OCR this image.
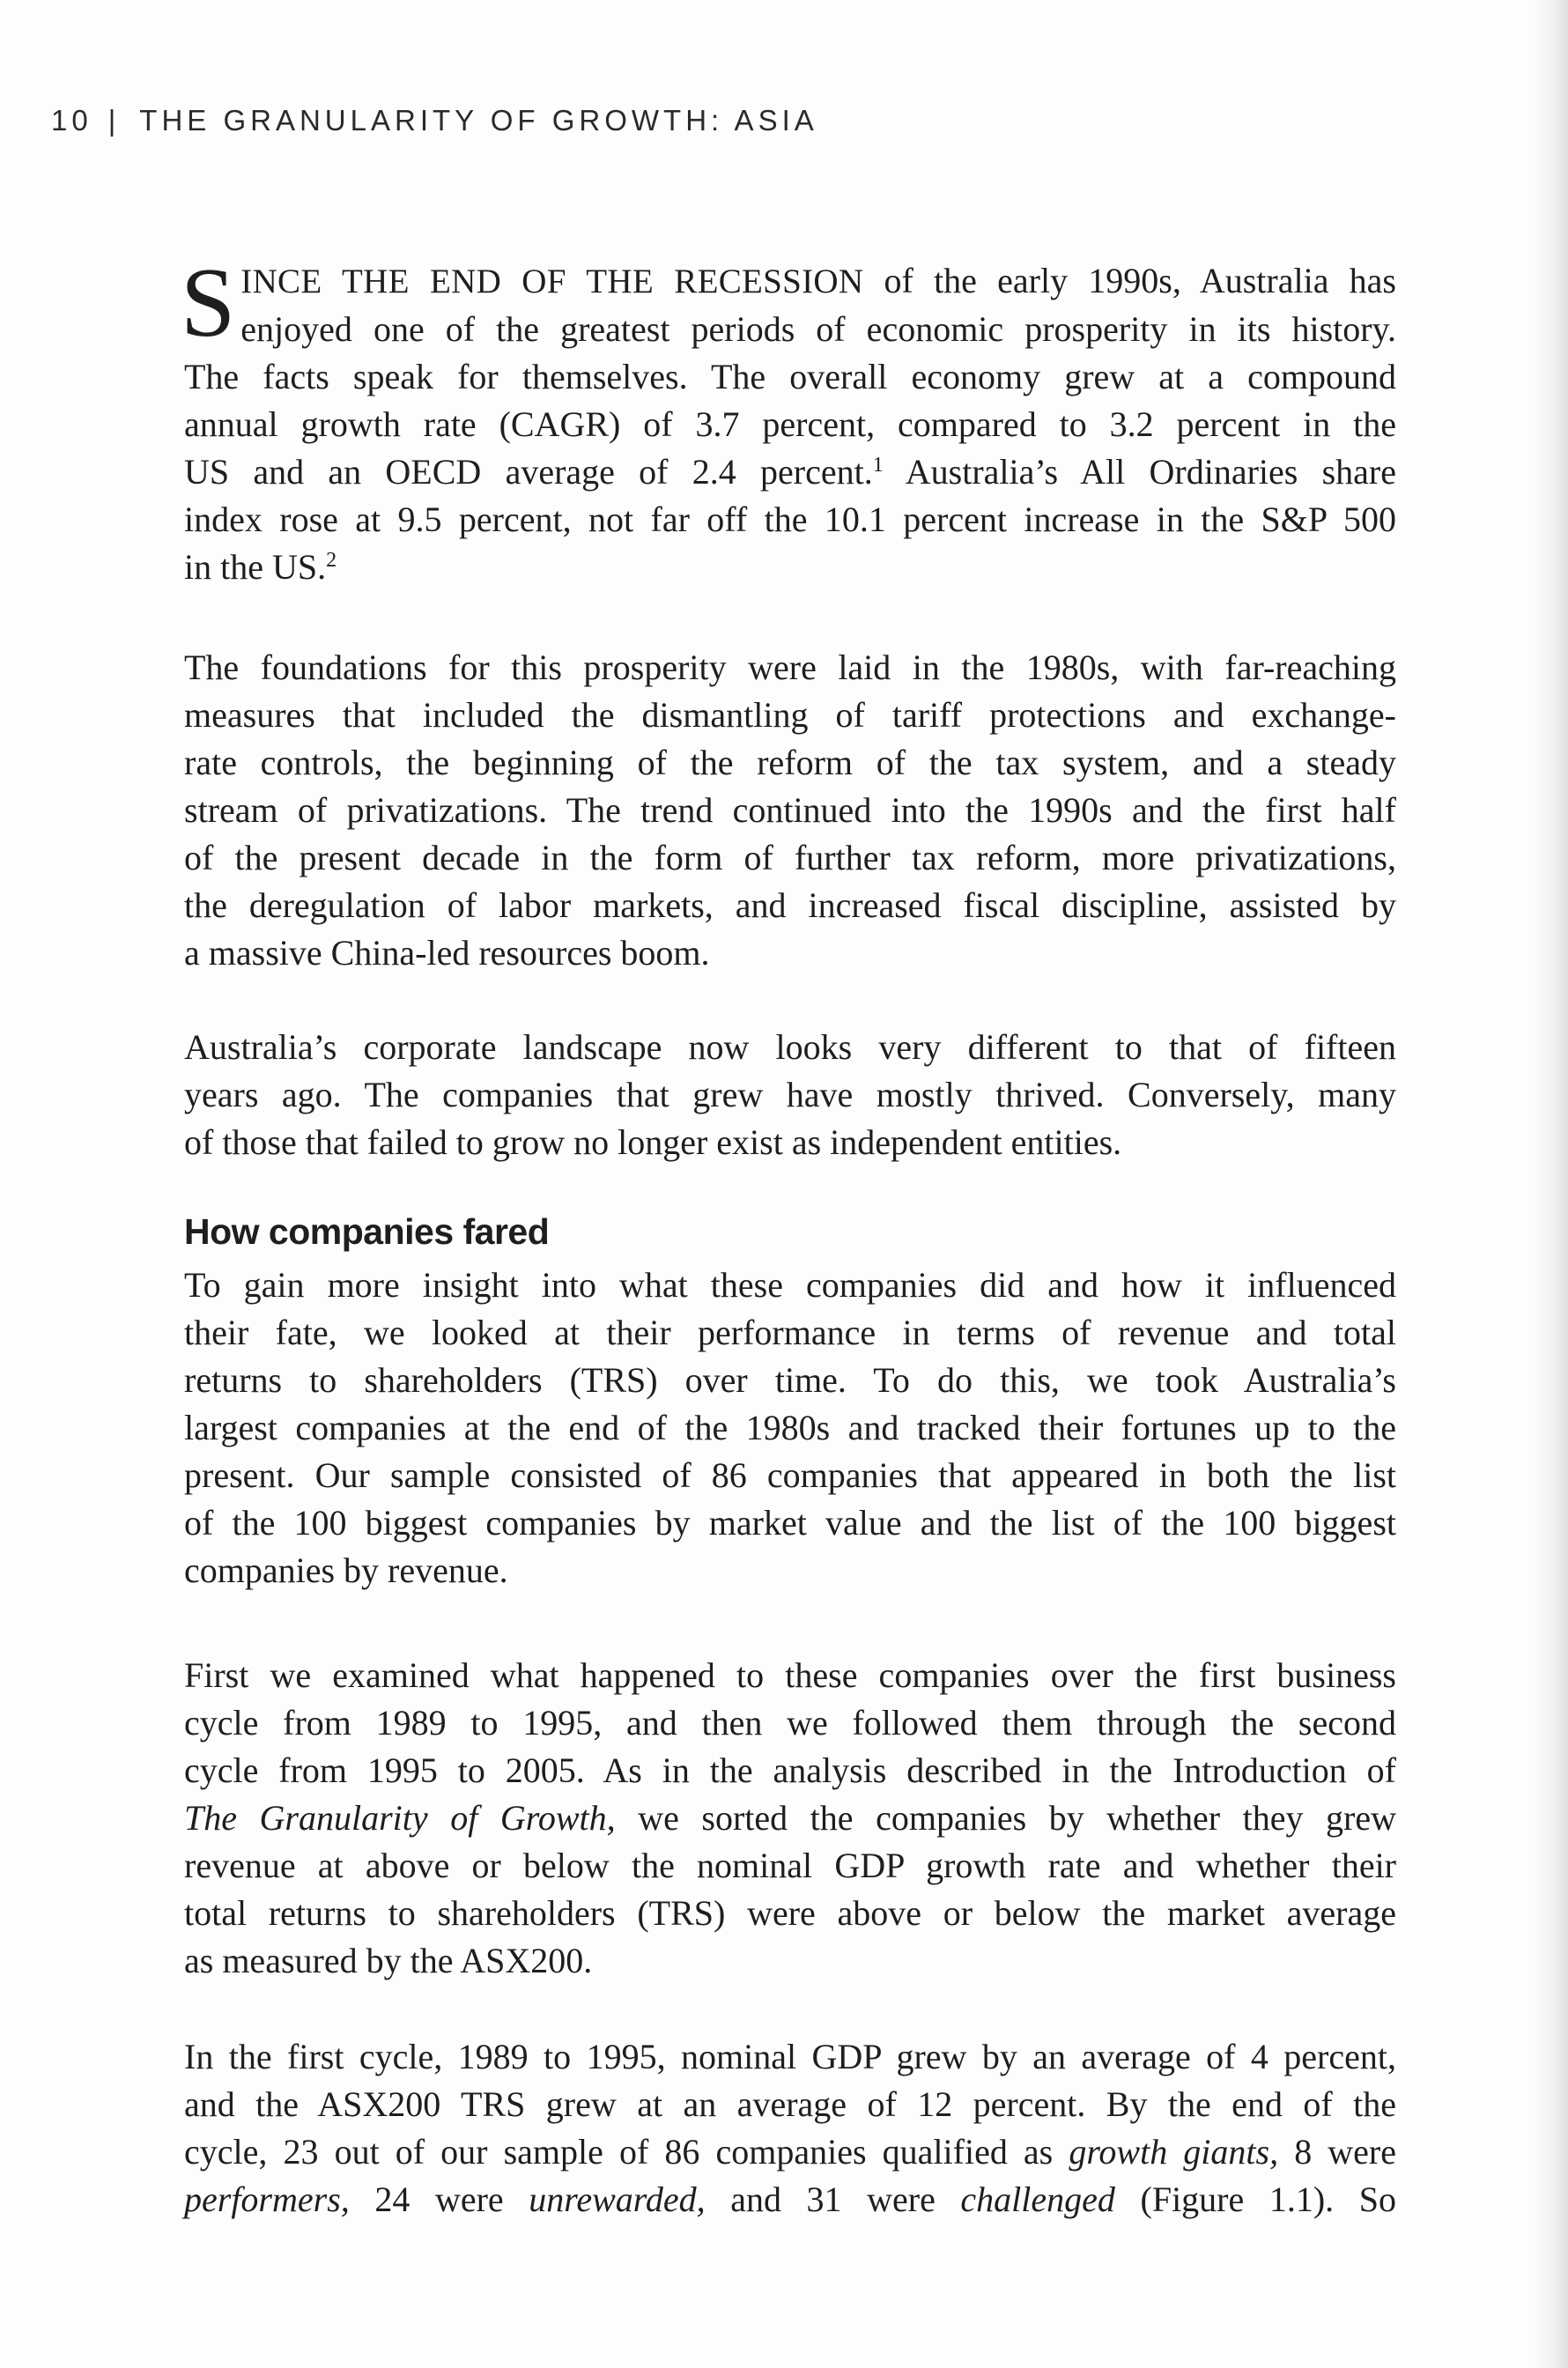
10 | THE GRANULARITY OF GROWTH: ASIA
S INCE THE END OF THE RECESSION of the early 1990s, Australia has
enjoyed one of the greatest periods of economic prosperity in its history.
The facts speak for themselves. The overall economy grew at a compound
annual growth rate (CAGR) of 3.7 percent, compared to 3.2 percent in the
US and an OECD average of 2.4 percent.$^1$ Australia’s All Ordinaries share
index rose at 9.5 percent, not far off the 10.1 percent increase in the S&P 500
in the US.$^2$
The foundations for this prosperity were laid in the 1980s, with far-reaching
measures that included the dismantling of tariff protections and exchange-
rate controls, the beginning of the reform of the tax system, and a steady
stream of privatizations. The trend continued into the 1990s and the first half
of the present decade in the form of further tax reform, more privatizations,
the deregulation of labor markets, and increased fiscal discipline, assisted by
a massive China-led resources boom.
Australia’s corporate landscape now looks very different to that of fifteen
years ago. The companies that grew have mostly thrived. Conversely, many
of those that failed to grow no longer exist as independent entities.
How companies fared
To gain more insight into what these companies did and how it influenced
their fate, we looked at their performance in terms of revenue and total
returns to shareholders (TRS) over time. To do this, we took Australia’s
largest companies at the end of the 1980s and tracked their fortunes up to the
present. Our sample consisted of 86 companies that appeared in both the list
of the 100 biggest companies by market value and the list of the 100 biggest
companies by revenue.
First we examined what happened to these companies over the first business
cycle from 1989 to 1995, and then we followed them through the second
cycle from 1995 to 2005. As in the analysis described in the Introduction of
The Granularity of Growth, we sorted the companies by whether they grew
revenue at above or below the nominal GDP growth rate and whether their
total returns to shareholders (TRS) were above or below the market average
as measured by the ASX200.
In the first cycle, 1989 to 1995, nominal GDP grew by an average of 4 percent,
and the ASX200 TRS grew at an average of 12 percent. By the end of the
cycle, 23 out of our sample of 86 companies qualified as growth giants, 8 were
performers, 24 were unrewarded, and 31 were challenged (Figure 1.1). So
